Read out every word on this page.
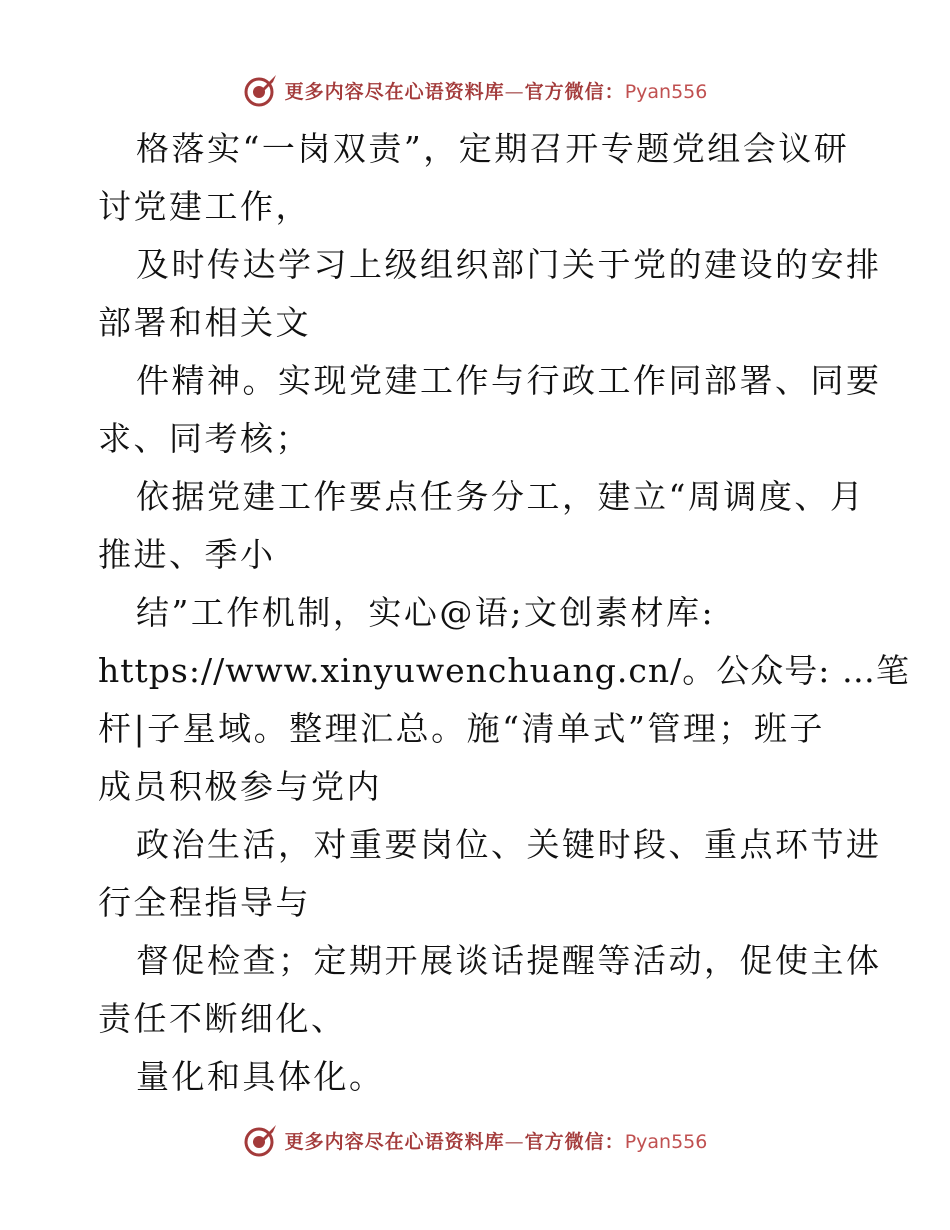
更多内容尽在心语资料库—官方微信：Pyan556
格落实“一岗双责”，定期召开专题党组会议研
讨党建工作，
及时传达学习上级组织部门关于党的建设的安排
部署和相关文
件精神。实现党建工作与行政工作同部署、同要
求、同考核；
依据党建工作要点任务分工，建立“周调度、月
推进、季小
结”工作机制，实心@语;文创素材库:
https://www.xinyuwenchuang.cn/。公众号: …笔
杆|子星域。整理汇总。施“清单式”管理；班子
成员积极参与党内
政治生活，对重要岗位、关键时段、重点环节进
行全程指导与
督促检查；定期开展谈话提醒等活动，促使主体
责任不断细化、
量化和具体化。
更多内容尽在心语资料库—官方微信：Pyan556
